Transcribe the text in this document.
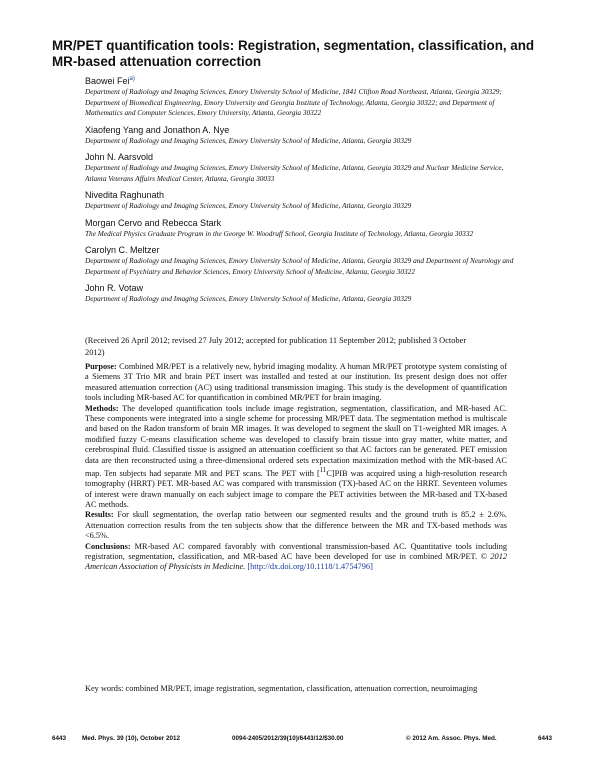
MR/PET quantification tools: Registration, segmentation, classification, and MR-based attenuation correction
Baowei Fei$^{a)}$
Department of Radiology and Imaging Sciences, Emory University School of Medicine, 1841 Clifton Road Northeast, Atlanta, Georgia 30329; Department of Biomedical Engineering, Emory University and Georgia Institute of Technology, Atlanta, Georgia 30322; and Department of Mathematics and Computer Sciences, Emory University, Atlanta, Georgia 30322
Xiaofeng Yang and Jonathon A. Nye
Department of Radiology and Imaging Sciences, Emory University School of Medicine, Atlanta, Georgia 30329
John N. Aarsvold
Department of Radiology and Imaging Sciences, Emory University School of Medicine, Atlanta, Georgia 30329 and Nuclear Medicine Service, Atlanta Veterans Affairs Medical Center, Atlanta, Georgia 30033
Nivedita Raghunath
Department of Radiology and Imaging Sciences, Emory University School of Medicine, Atlanta, Georgia 30329
Morgan Cervo and Rebecca Stark
The Medical Physics Graduate Program in the George W. Woodruff School, Georgia Institute of Technology, Atlanta, Georgia 30332
Carolyn C. Meltzer
Department of Radiology and Imaging Sciences, Emory University School of Medicine, Atlanta, Georgia 30329 and Department of Neurology and Department of Psychiatry and Behavior Sciences, Emory University School of Medicine, Atlanta, Georgia 30322
John R. Votaw
Department of Radiology and Imaging Sciences, Emory University School of Medicine, Atlanta, Georgia 30329
(Received 26 April 2012; revised 27 July 2012; accepted for publication 11 September 2012; published 3 October 2012)

Purpose: Combined MR/PET is a relatively new, hybrid imaging modality. A human MR/PET prototype system consisting of a Siemens 3T Trio MR and brain PET insert was installed and tested at our institution. Its present design does not offer measured attenuation correction (AC) using traditional transmission imaging. This study is the development of quantification tools including MR-based AC for quantification in combined MR/PET for brain imaging.

Methods: The developed quantification tools include image registration, segmentation, classification, and MR-based AC. These components were integrated into a single scheme for processing MR/PET data. The segmentation method is multiscale and based on the Radon transform of brain MR images. It was developed to segment the skull on T1-weighted MR images. A modified fuzzy C-means classification scheme was developed to classify brain tissue into gray matter, white matter, and cerebrospinal fluid. Classified tissue is assigned an attenuation coefficient so that AC factors can be generated. PET emission data are then reconstructed using a three-dimensional ordered sets expectation maximization method with the MR-based AC map. Ten subjects had separate MR and PET scans. The PET with [$^{11}$C]PIB was acquired using a high-resolution research tomography (HRRT) PET. MR-based AC was compared with transmission (TX)-based AC on the HRRT. Seventeen volumes of interest were drawn manually on each subject image to compare the PET activities between the MR-based and TX-based AC methods.

Results: For skull segmentation, the overlap ratio between our segmented results and the ground truth is 85.2 ± 2.6%. Attenuation correction results from the ten subjects show that the difference between the MR and TX-based methods was <6.5%.

Conclusions: MR-based AC compared favorably with conventional transmission-based AC. Quantitative tools including registration, segmentation, classification, and MR-based AC have been developed for use in combined MR/PET. © 2012 American Association of Physicists in Medicine. [http://dx.doi.org/10.1118/1.4754796]

Key words: combined MR/PET, image registration, segmentation, classification, attenuation correction, neuroimaging
6443	Med. Phys. 39 (10), October 2012	0094-2405/2012/39(10)/6443/12/$30.00	© 2012 Am. Assoc. Phys. Med.	6443
